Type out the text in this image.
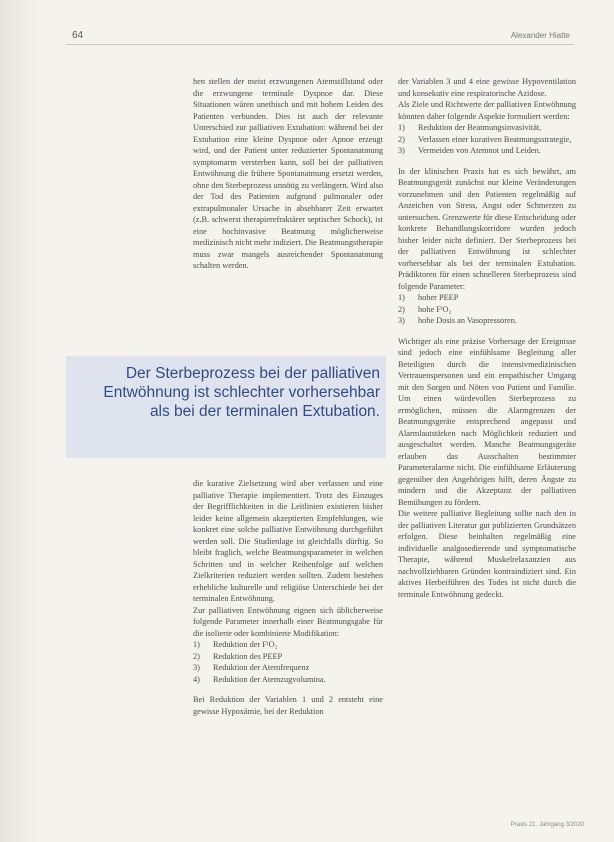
64	Alexander Hiatte

hen stellen der meist erzwungenen Atemstillstand oder die erzwungene terminale Dyspnoe dar. Diese Situationen wären unethisch und mit hohem Leiden des Patienten verbunden. Dies ist auch der relevante Unterschied zur palliativen Extubation: während bei der Extubation eine kleine Dyspnoe oder Apnoe erzeugt wird, und der Patient unter reduzierter Spontanatmung symptomarm versterben kann, soll bei der palliativen Entwöhnung die frühere Spontanatmung ersetzt werden, ohne den Sterbeprozess unnötig zu verlängern. Wird also der Tod des Patienten aufgrund pulmonaler oder extrapulmonaler Ursache in absehbarer Zeit erwartet (z.B. schwerst therapierefraktärer septischer Schock), ist eine hochinvasive Beatmung möglicherweise medizinisch nicht mehr indiziert. Die Beatmungstherapie muss zwar mangels ausreichender Spontanatmung schalten werden.

Der Sterbeprozess bei der palliativen Entwöhnung ist schlechter vorhersehbar als bei der terminalen Extubation.

die kurative Zielsetzung wird aber verlassen und eine palliative Therapie implementiert. Trotz des Einzuges der Begrifflichkeiten in die Leitlinien existieren bisher leider keine allgemein akzeptierten Empfehlungen, wie konkret eine solche palliative Entwöhnung durchgeführt werden soll. Die Studienlage ist gleichfalls dürftig. So bleibt fraglich, welche Beatmungsparameter in welchen Schritten und in welcher Reihenfolge auf welchen Zielkriterien reduziert werden sollten. Zudem bestehen erhebliche kulturelle und religiöse Unterschiede bei der terminalen Entwöhnung.

Zur palliativen Entwöhnung eignen sich üblicherweise folgende Parameter innerhalb einer Beatmungsgabe für die isolierte oder kombinierte Modifikation:

1) Reduktion der FᴵO₂
2) Reduktion des PEEP
3) Reduktion der Atemfrequenz
4) Reduktion der Atemzugvolumina.

Bei Reduktion der Variablen 1 und 2 entsteht eine gewisse Hypoxämie, bei der Reduktion

der Variablen 3 und 4 eine gewisse Hypoventilation und konsekutiv eine respiratorische Azidose.

Als Ziele und Richtwerte der palliativen Entwöhnung könnten daher folgende Aspekte formuliert werden:

1) Reduktion der Beatmungsinvasivität,
2) Verlassen einer kurativen Beatmungsstrategie,
3) Vermeiden von Atemnot und Leiden.

In der klinischen Praxis hat es sich bewährt, am Beatmungsgerät zunächst nur kleine Veränderungen vorzunehmen und den Patienten regelmäßig auf Anzeichen von Stress, Angst oder Schmerzen zu untersuchen. Grenzwerte für diese Entscheidung oder konkrete Behandlungskorridore wurden jedoch bisher leider nicht definiert. Der Sterbeprozess bei der palliativen Entwöhnung ist schlechter vorhersehbar als bei der terminalen Extubation. Prädiktoren für einen schnelleren Sterbeprozess sind folgende Parameter:

1) hoher PEEP
2) hohe FᴵO₂
3) hohe Dosis an Vasopressoren.

Wichtiger als eine präzise Vorhersage der Ereignisse sind jedoch eine einfühlsame Begleitung aller Beteiligten durch die intensivmedizinischen Vertrauenspersonen und ein empathischer Umgang mit den Sorgen und Nöten von Patient und Familie. Um einen würdevollen Sterbeprozess zu ermöglichen, müssen die Alarmgrenzen der Beatmungsgeräte entsprechend angepasst und Alarmlautstärken nach Möglichkeit reduziert und ausgeschaltet werden. Manche Beatmungsgeräte erlauben das Ausschalten bestimmter Parameteralarme nicht. Die einfühlsame Erläuterung gegenüber den Angehörigen hilft, deren Ängste zu mindern und die Akzeptanz der palliativen Bemühungen zu fördern.

Die weitere palliative Begleitung sollte nach den in der palliativen Literatur gut publizierten Grundsätzen erfolgen. Diese beinhalten regelmäßig eine individuelle analgosedierende und symptomatische Therapie, während Muskelrelaxanzien aus nachvollziehbaren Gründen kontraindiziert sind. Ein aktives Herbeiführen des Todes ist nicht durch die terminale Entwöhnung gedeckt.

Praxis 21. Jahrgang 3/2020
